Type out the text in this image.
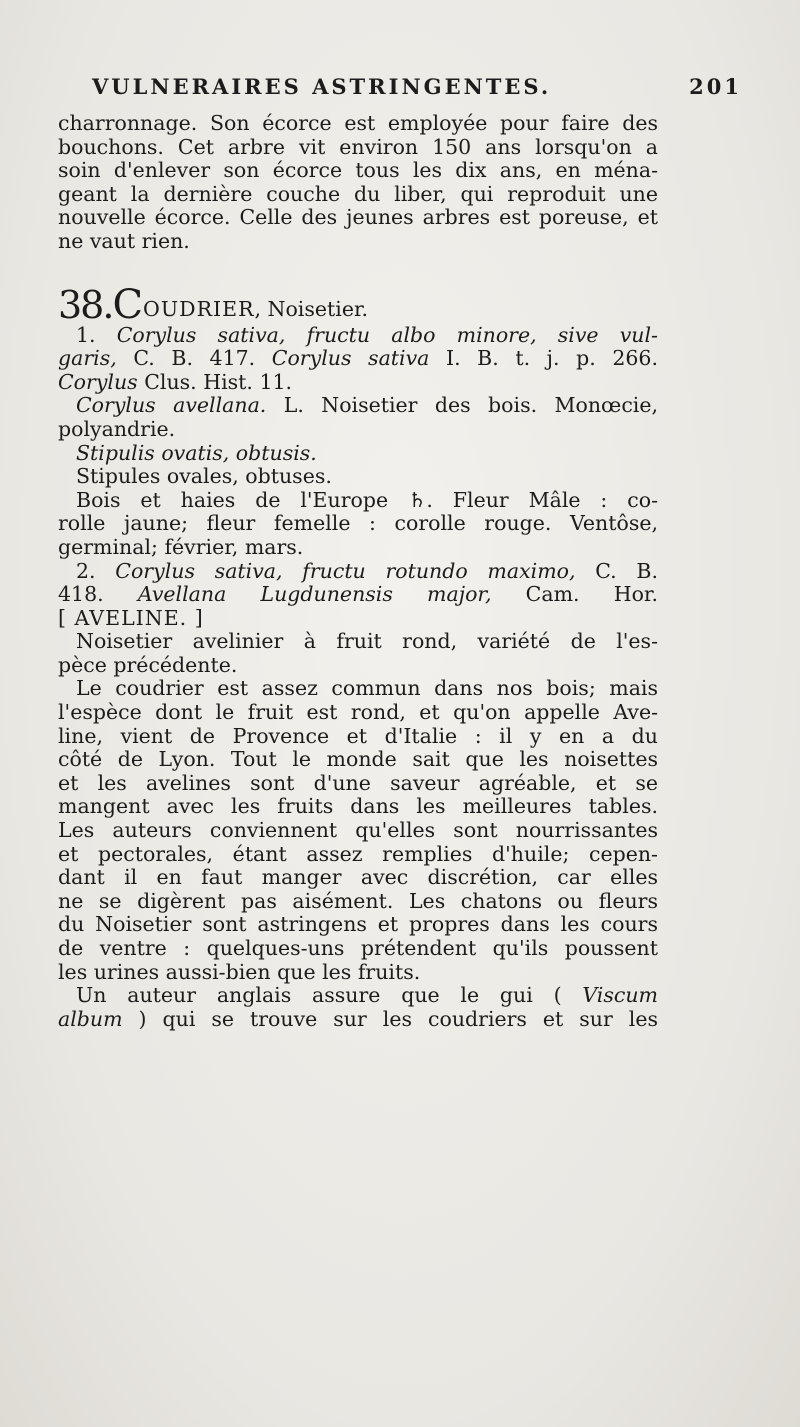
VULNERAIRES ASTRINGENTES.	201
charronnage. Son écorce est employée pour faire des
bouchons. Cet arbre vit environ 150 ans lorsqu'on a
soin d'enlever son écorce tous les dix ans, en ména-
geant la dernière couche du liber, qui reproduit une
nouvelle écorce. Celle des jeunes arbres est poreuse, et
ne vaut rien.
38. C OUDRIER , Noisetier.
1. Corylus sativa, fructu albo minore, sive vul-
garis, C. B. 417. Corylus sativa I. B. t. j. p. 266.
Corylus Clus. Hist. 11.
Corylus avellana. L. Noisetier des bois. Monœcie,
polyandrie.
Stipulis ovatis, obtusis.
Stipules ovales, obtuses.
Bois et haies de l'Europe ♄. Fleur Mâle : co-
rolle jaune; fleur femelle : corolle rouge. Ventôse,
germinal; février, mars.
2. Corylus sativa, fructu rotundo maximo, C. B.
418. Avellana Lugdunensis major, Cam. Hor.
[ AVELINE. ]
Noisetier avelinier à fruit rond, variété de l'es-
pèce précédente.
Le coudrier est assez commun dans nos bois; mais
l'espèce dont le fruit est rond, et qu'on appelle Ave-
line, vient de Provence et d'Italie : il y en a du
côté de Lyon. Tout le monde sait que les noisettes
et les avelines sont d'une saveur agréable, et se
mangent avec les fruits dans les meilleures tables.
Les auteurs conviennent qu'elles sont nourrissantes
et pectorales, étant assez remplies d'huile; cepen-
dant il en faut manger avec discrétion, car elles
ne se digèrent pas aisément. Les chatons ou fleurs
du Noisetier sont astringens et propres dans les cours
de ventre : quelques-uns prétendent qu'ils poussent
les urines aussi-bien que les fruits.
Un auteur anglais assure que le gui ( Viscum
album ) qui se trouve sur les coudriers et sur les
